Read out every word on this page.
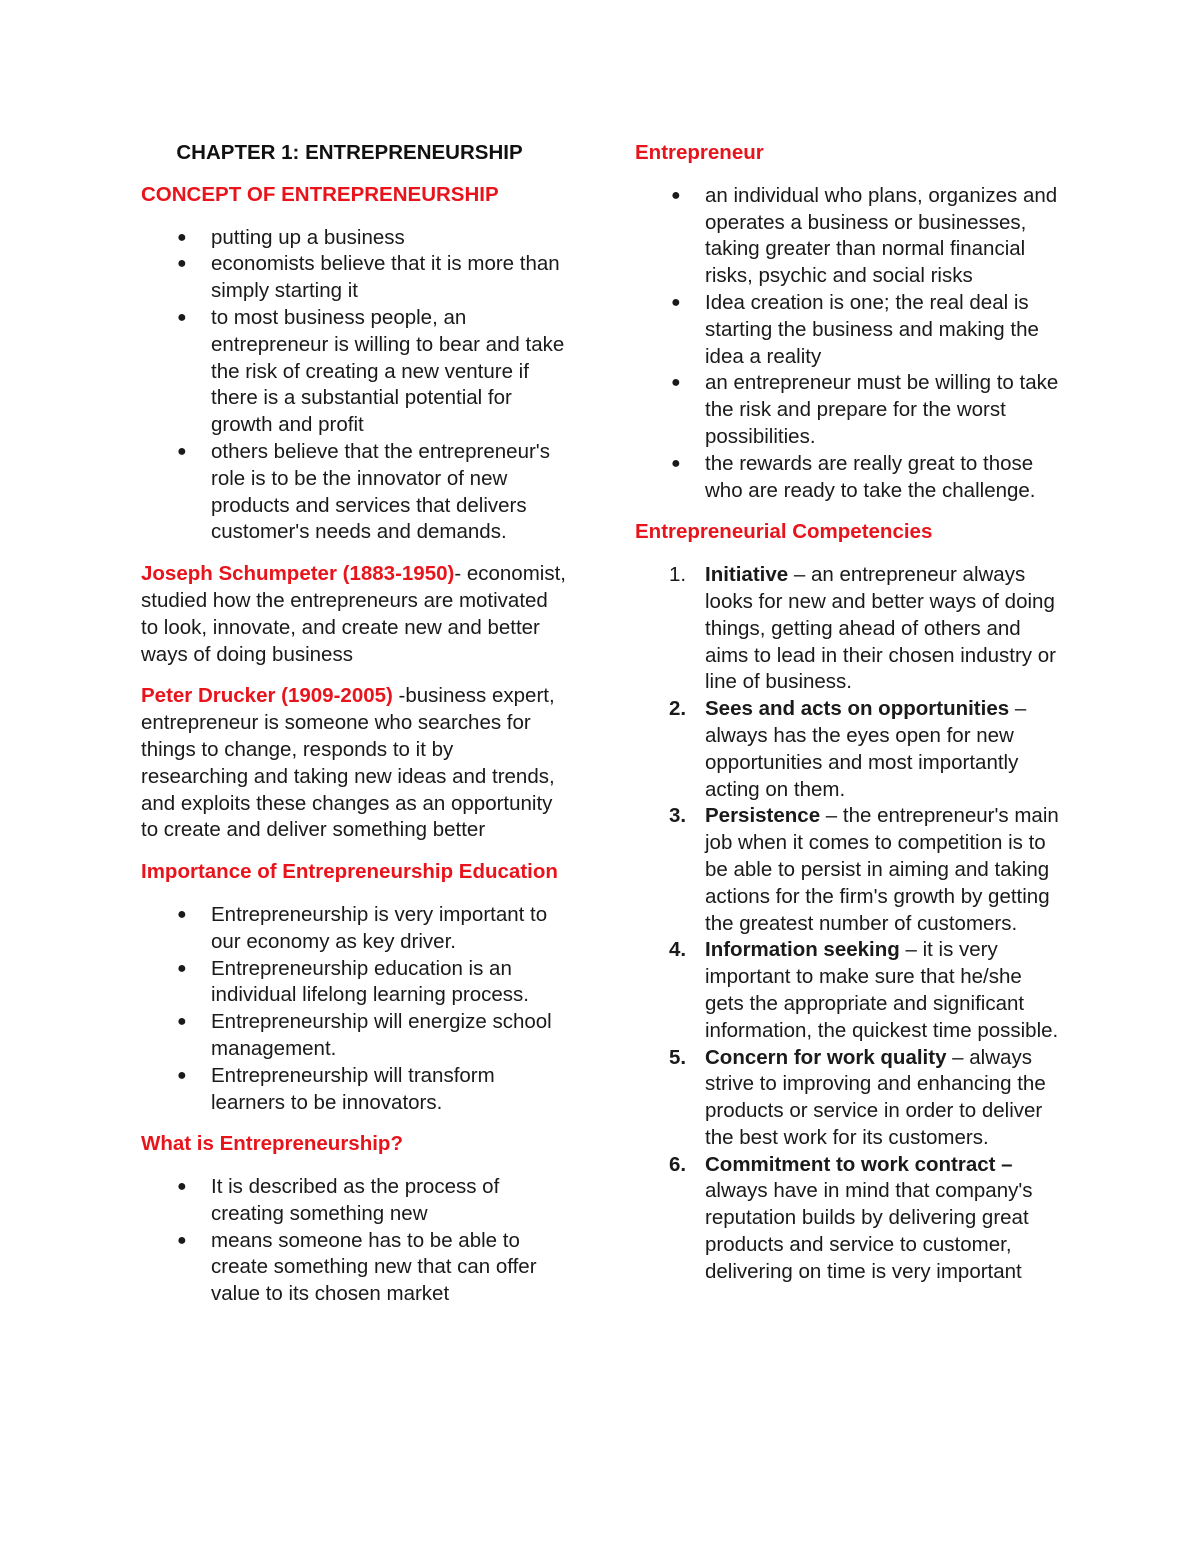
CHAPTER 1: ENTREPRENEURSHIP
CONCEPT OF ENTREPRENEURSHIP
● putting up a business
● economists believe that it is more than simply starting it
● to most business people, an entrepreneur is willing to bear and take the risk of creating a new venture if there is a substantial potential for growth and profit
● others believe that the entrepreneur's role is to be the innovator of new products and services that delivers customer's needs and demands.

Joseph Schumpeter (1883-1950)- economist, studied how the entrepreneurs are motivated to look, innovate, and create new and better ways of doing business

Peter Drucker (1909-2005) -business expert, entrepreneur is someone who searches for things to change, responds to it by researching and taking new ideas and trends, and exploits these changes as an opportunity to create and deliver something better

Importance of Entrepreneurship Education
● Entrepreneurship is very important to our economy as key driver.
● Entrepreneurship education is an individual lifelong learning process.
● Entrepreneurship will energize school management.
● Entrepreneurship will transform learners to be innovators.
What is Entrepreneurship?
● It is described as the process of creating something new
● means someone has to be able to create something new that can offer value to its chosen market
Entrepreneur
● an individual who plans, organizes and operates a business or businesses, taking greater than normal financial risks, psychic and social risks
● Idea creation is one; the real deal is starting the business and making the idea a reality
● an entrepreneur must be willing to take the risk and prepare for the worst possibilities.
● the rewards are really great to those who are ready to take the challenge.
Entrepreneurial Competencies
1. Initiative – an entrepreneur always looks for new and better ways of doing things, getting ahead of others and aims to lead in their chosen industry or line of business.
2. Sees and acts on opportunities – always has the eyes open for new opportunities and most importantly acting on them.
3. Persistence – the entrepreneur's main job when it comes to competition is to be able to persist in aiming and taking actions for the firm's growth by getting the greatest number of customers.
4. Information seeking – it is very important to make sure that he/she gets the appropriate and significant information, the quickest time possible.
5. Concern for work quality – always strive to improving and enhancing the products or service in order to deliver the best work for its customers.
6. Commitment to work contract – always have in mind that company's reputation builds by delivering great products and service to customer, delivering on time is very important
